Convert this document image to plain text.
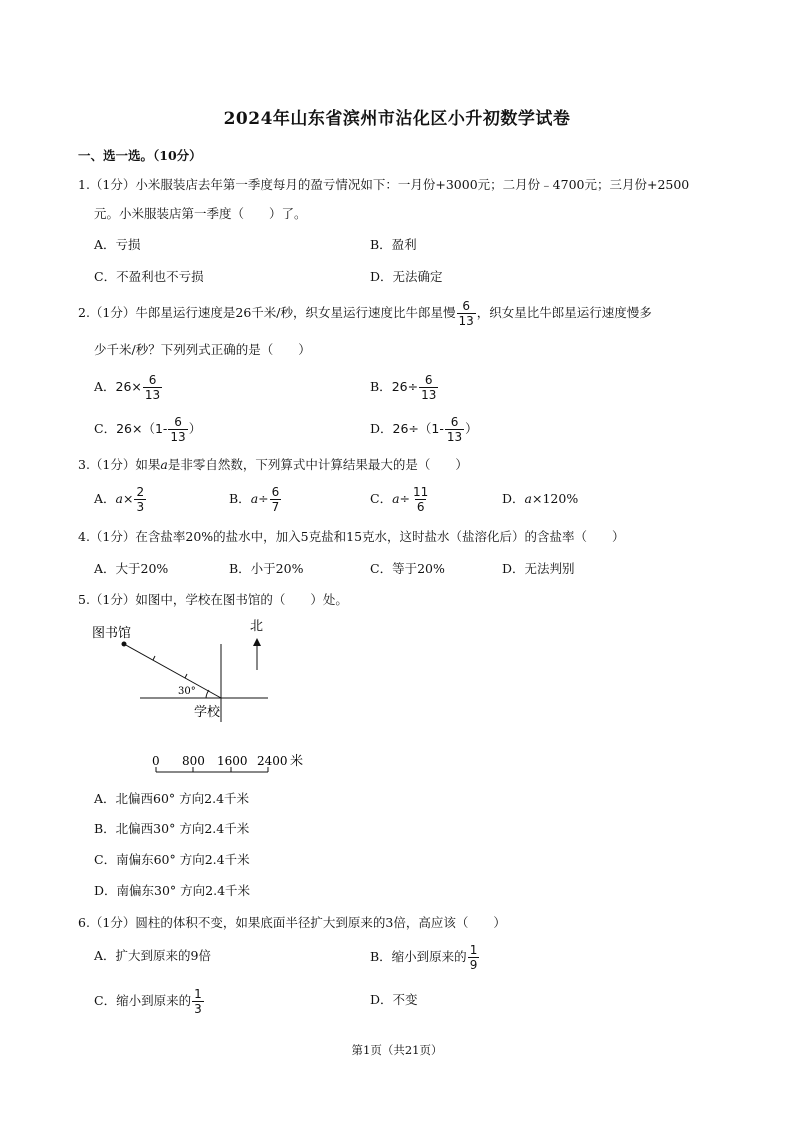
2024年山东省滨州市沾化区小升初数学试卷
一、选一选。（10分）
1.（1分）小米服装店去年第一季度每月的盈亏情况如下：一月份+3000元；二月份﹣4700元；三月份+2500
元。小米服装店第一季度（　　）了。
A．亏损	B．盈利
C．不盈利也不亏损	D．无法确定
2.（1分）牛郎星运行速度是26千米/秒，织女星运行速度比牛郎星慢 $\frac{6}{13}$ ，织女星比牛郎星运行速度慢多
少千米/秒？下列列式正确的是（　　）
A．$26\times \frac{6}{13}$	B．$26\div \frac{6}{13}$
C．$26\times(1- \frac{6}{13}$ ）	D．$26\div(1- \frac{6}{13}$ ）
3.（1分）如果a是非零自然数，下列算式中计算结果最大的是（　　）
A．$a\times \frac{2}{3}$	B．$a\div \frac{6}{7}$	C．$a\div \frac{11}{6}$	D．a×120%
4.（1分）在含盐率20%的盐水中，加入5克盐和15克水，这时盐水（盐溶化后）的含盐率（　　）
A．大于20%	B．小于20%	C．等于20%	D．无法判别
5.（1分）如图中，学校在图书馆的（　　）处。
图书馆
30°
学校
北
0 800 1600 2400 米
A．北偏西60° 方向2.4千米
B．北偏西30° 方向2.4千米
C．南偏东60° 方向2.4千米
D．南偏东30° 方向2.4千米
6.（1分）圆柱的体积不变，如果底面半径扩大到原来的3倍，高应该（　　）
A．扩大到原来的9倍	B．缩小到原来的 $\frac{1}{9}$
C．缩小到原来的 $\frac{1}{3}$	D．不变
第1页（共21页）
